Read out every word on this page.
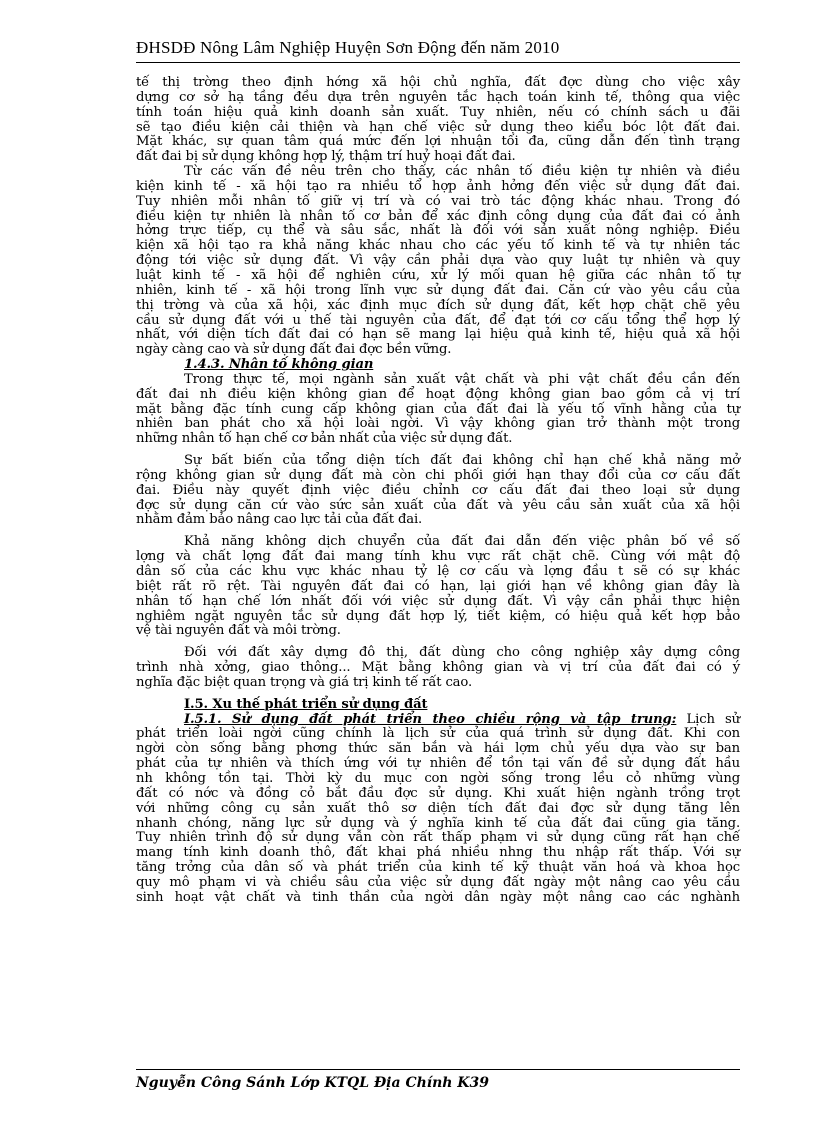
ĐHSDĐ Nông Lâm Nghiệp Huyện Sơn Động đến năm 2010
tế thị trờng theo định hớng xã hội chủ nghĩa, đất đợc dùng cho việc xây
dựng cơ sở hạ tầng đều dựa trên nguyên tắc hạch toán kinh tế, thông qua việc
tính toán hiệu quả kinh doanh sản xuất. Tuy nhiên, nếu có chính sách u đãi
sẽ tạo điều kiện cải thiện và hạn chế việc sử dụng theo kiểu bóc lột đất đai.
Mặt khác, sự quan tâm quá mức đến lợi nhuận tối đa, cũng dẫn đến tình trạng
đất đai bị sử dụng không hợp lý, thậm trí huỷ hoại đất đai.
Từ các vấn đề nêu trên cho thấy, các nhân tố điều kiện tự nhiên và điều
kiện kinh tế - xã hội tạo ra nhiều tổ hợp ảnh hởng đến việc sử dụng đất đai.
Tuy nhiên mỗi nhân tố giữ vị trí và có vai trò tác động khác nhau. Trong đó
điều kiện tự nhiên là nhân tố cơ bản để xác định công dụng của đất đai có ảnh
hởng trực tiếp, cụ thể và sâu sắc, nhất là đối với sản xuất nông nghiệp. Điều
kiện xã hội tạo ra khả năng khác nhau cho các yếu tố kinh tế và tự nhiên tác
động tới việc sử dụng đất. Vì vậy cần phải dựa vào quy luật tự nhiên và quy
luật kinh tế - xã hội để nghiên cứu, xử lý mối quan hệ giữa các nhân tố tự
nhiên, kinh tế - xã hội trong lĩnh vực sử dụng đất đai. Căn cứ vào yêu cầu của
thị trờng và của xã hội, xác định mục đích sử dụng đất, kết hợp chặt chẽ yêu
cầu sử dụng đất với u thế tài nguyên của đất, để đạt tới cơ cấu tổng thể hợp lý
nhất, với diện tích đất đai có hạn sẽ mang lại hiệu quả kinh tế, hiệu quả xã hội
ngày càng cao và sử dụng đất đai đợc bền vững.
1.4.3. Nhân tố không gian
Trong thực tế, mọi ngành sản xuất vật chất và phi vật chất đều cần đến
đất đai nh điều kiện không gian để hoạt động không gian bao gồm cả vị trí
mặt bằng đặc tính cung cấp không gian của đất đai là yếu tố vĩnh hằng của tự
nhiên ban phát cho xã hội loài ngời. Vì vậy không gian trở thành một trong
những nhân tố hạn chế cơ bản nhất của việc sử dụng đất.
Sự bất biến của tổng diện tích đất đai không chỉ hạn chế khả năng mở
rộng không gian sử dụng đất mà còn chi phối giới hạn thay đổi của cơ cấu đất
đai. Điều này quyết định việc điều chỉnh cơ cấu đất đai theo loại sử dụng
đợc sử dụng căn cứ vào sức sản xuất của đất và yêu cầu sản xuất của xã hội
nhằm đảm bảo nâng cao lực tải của đất đai.
Khả năng không dịch chuyển của đất đai dẫn đến việc phân bố về số
lợng và chất lợng đất đai mang tính khu vực rất chặt chẽ. Cùng với mật độ
dân số của các khu vực khác nhau tỷ lệ cơ cấu và lợng đầu t sẽ có sự khác
biệt rất rõ rệt. Tài nguyên đất đai có hạn, lại giới hạn về không gian đây là
nhân tố hạn chế lớn nhất đối với việc sử dụng đất. Vì vậy cần phải thực hiện
nghiêm ngặt nguyên tắc sử dụng đất hợp lý, tiết kiệm, có hiệu quả kết hợp bảo
vệ tài nguyên đất và môi trờng.
Đối với đất xây dựng đô thị, đất dùng cho công nghiệp xây dựng công
trình nhà xởng, giao thông... Mặt bằng không gian và vị trí của đất đai có ý
nghĩa đặc biệt quan trọng và giá trị kinh tế rất cao.
I.5. Xu thế phát triển sử dụng đất
I.5.1. Sử dụng đất phát triển theo chiều rộng và tập trung: Lịch sử
phát triển loài ngời cũng chính là lịch sử của quá trình sử dụng đất. Khi con
ngời còn sống bằng phơng thức săn bắn và hái lợm chủ yếu dựa vào sự ban
phát của tự nhiên và thích ứng với tự nhiên để tồn tại vấn đề sử dụng đất hầu
nh không tồn tại. Thời kỳ du mục con ngời sống trong lều cỏ những vùng
đất có nớc và đồng cỏ bắt đầu đợc sử dụng. Khi xuất hiện ngành trồng trọt
với những công cụ sản xuất thô sơ diện tích đất đai đợc sử dụng tăng lên
nhanh chóng, năng lực sử dụng và ý nghĩa kinh tế của đất đai cũng gia tăng.
Tuy nhiên trình độ sử dụng vẫn còn rất thấp phạm vi sử dụng cũng rất hạn chế
mang tính kinh doanh thô, đất khai phá nhiều nhng thu nhập rất thấp. Với sự
tăng trởng của dân số và phát triển của kinh tế kỹ thuật văn hoá và khoa học
quy mô phạm vi và chiều sâu của việc sử dụng đất ngày một nâng cao yêu cầu
sinh hoạt vật chất và tinh thần của ngời dân ngày một nâng cao các nghành
Nguyễn Công Sánh Lớp KTQL Địa Chính K39
